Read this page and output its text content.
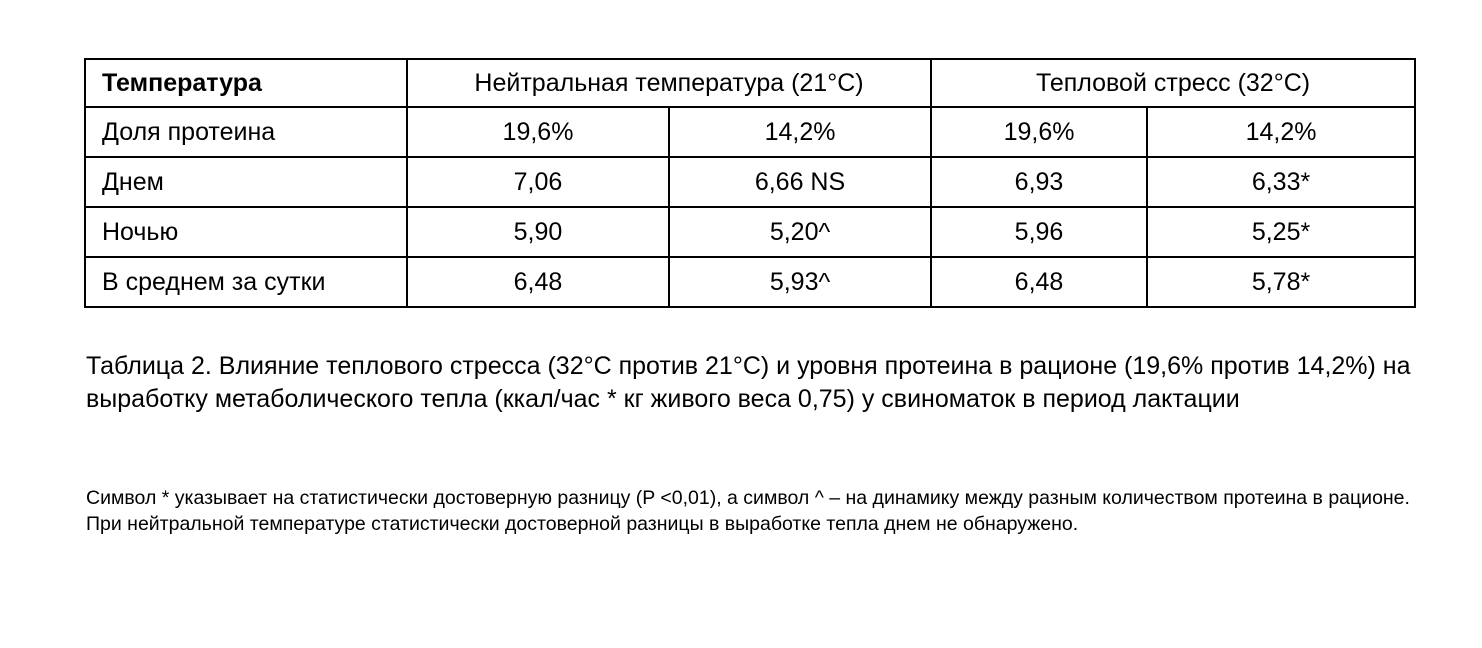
Температура	Нейтральная температура (21°C)		Тепловой стресс (32°C)	
Доля протеина	19,6%	14,2%	19,6%	14,2%
Днем	7,06	6,66 NS	6,93	6,33*
Ночью	5,90	5,20^	5,96	5,25*
В среднем за сутки	6,48	5,93^	6,48	5,78*

Таблица 2. Влияние теплового стресса (32°C против 21°C) и уровня протеина в рационе (19,6% против 14,2%) на выработку метаболического тепла (ккал/час * кг живого веса 0,75) у свиноматок в период лактации

Символ * указывает на статистически достоверную разницу (P <0,01), а символ ^ – на динамику между разным количеством протеина в рационе. При нейтральной температуре статистически достоверной разницы в выработке тепла днем не обнаружено.
